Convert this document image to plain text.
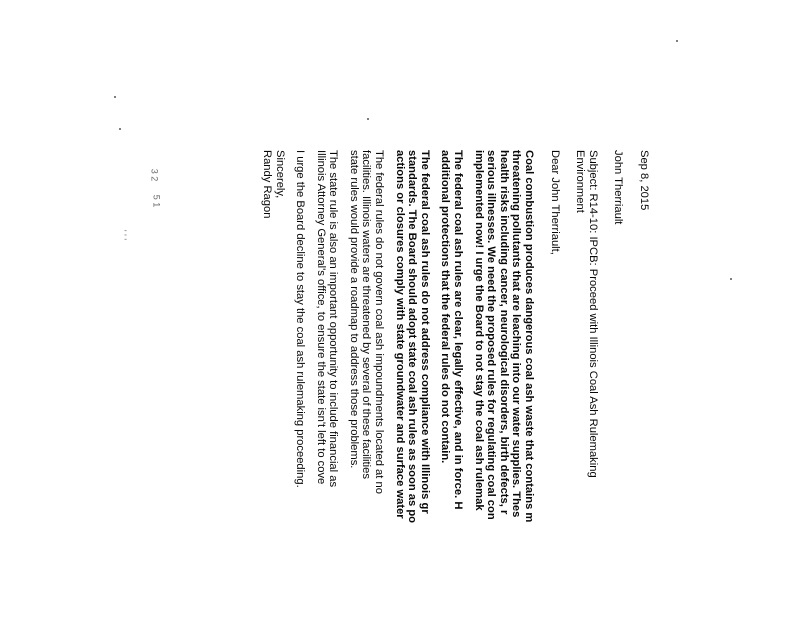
Sep 8, 2015
John Therriault
Subject: R14-10: IPCB: Proceed with Illinois Coal Ash Rulemaking
Environment
Dear John Therriault,
Coal combustion produces dangerous coal ash waste that contains m
threatening pollutants that are leaching into our water supplies. Thes
health risks including cancer, neurological disorders, birth defects, r
serious illnesses. We need the proposed rules for regulating coal con
implemented now! I urge the Board to not stay the coal ash rulemak
The federal coal ash rules are clear, legally effective, and in force. H
additional protections that the federal rules do not contain.
The federal coal ash rules do not address compliance with Illinois gr
standards. The Board should adopt state coal ash rules as soon as po
actions or closures comply with state groundwater and surface water
The federal rules do not govern coal ash impoundments located at no
facilities. Illinois waters are threatened by several of these facilities
state rules would provide a roadmap to address those problems.
The state rule is also an important opportunity to include financial as
Illinois Attorney General's office, to ensure the state isn't left to cove
I urge the Board decline to stay the coal ash rulemaking proceeding.
Sincerely,
Randy Ragon
3 2
5 1
' ' '
